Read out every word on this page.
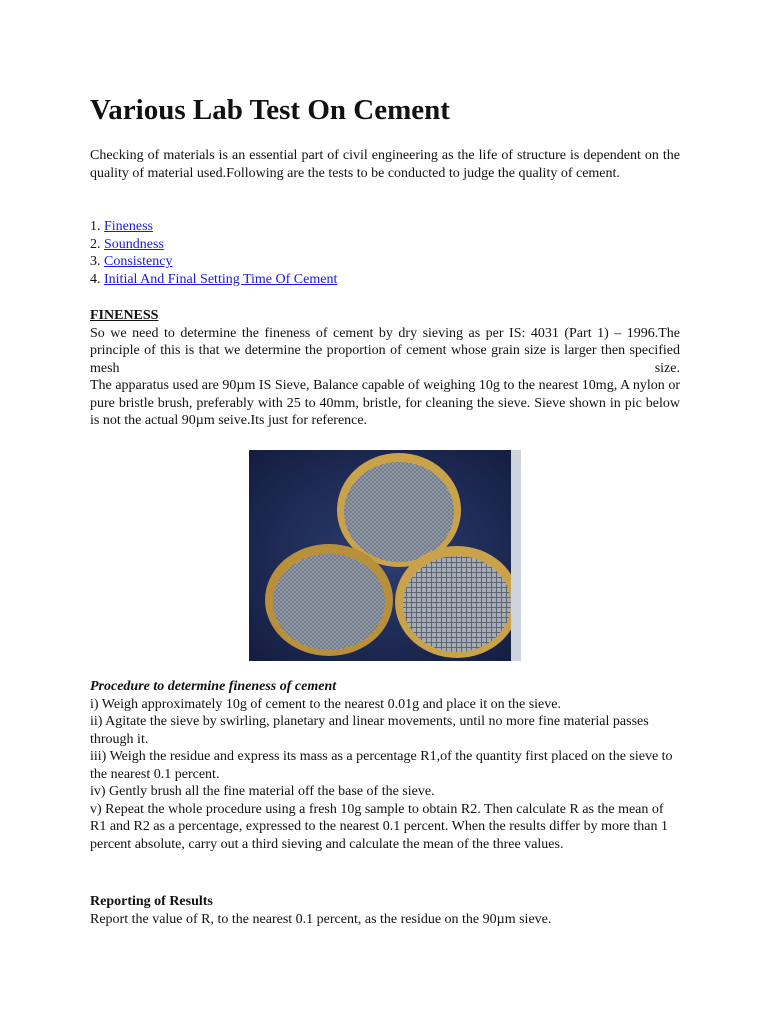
Various Lab Test On Cement

Checking of materials is an essential part of civil engineering as the life of structure is dependent on the quality of material used.Following are the tests to be conducted to judge the quality of cement.

1. Fineness
2. Soundness
3. Consistency
4. Initial And Final Setting Time Of Cement
FINENESS
So we need to determine the fineness of cement by dry sieving as per IS: 4031 (Part 1) – 1996.The principle of this is that we determine the proportion of cement whose grain size is larger then specified mesh size.
The apparatus used are 90µm IS Sieve, Balance capable of weighing 10g to the nearest 10mg, A nylon or pure bristle brush, preferably with 25 to 40mm, bristle, for cleaning the sieve. Sieve shown in pic below is not the actual 90µm seive.Its just for reference.
Procedure to determine fineness of cement
i) Weigh approximately 10g of cement to the nearest 0.01g and place it on the sieve.
ii) Agitate the sieve by swirling, planetary and linear movements, until no more fine material passes through it.
iii) Weigh the residue and express its mass as a percentage R1,of the quantity first placed on the sieve to the nearest 0.1 percent.
iv) Gently brush all the fine material off the base of the sieve.
v) Repeat the whole procedure using a fresh 10g sample to obtain R2. Then calculate R as the mean of R1 and R2 as a percentage, expressed to the nearest 0.1 percent. When the results differ by more than 1 percent absolute, carry out a third sieving and calculate the mean of the three values.
Reporting of Results
Report the value of R, to the nearest 0.1 percent, as the residue on the 90µm sieve.
